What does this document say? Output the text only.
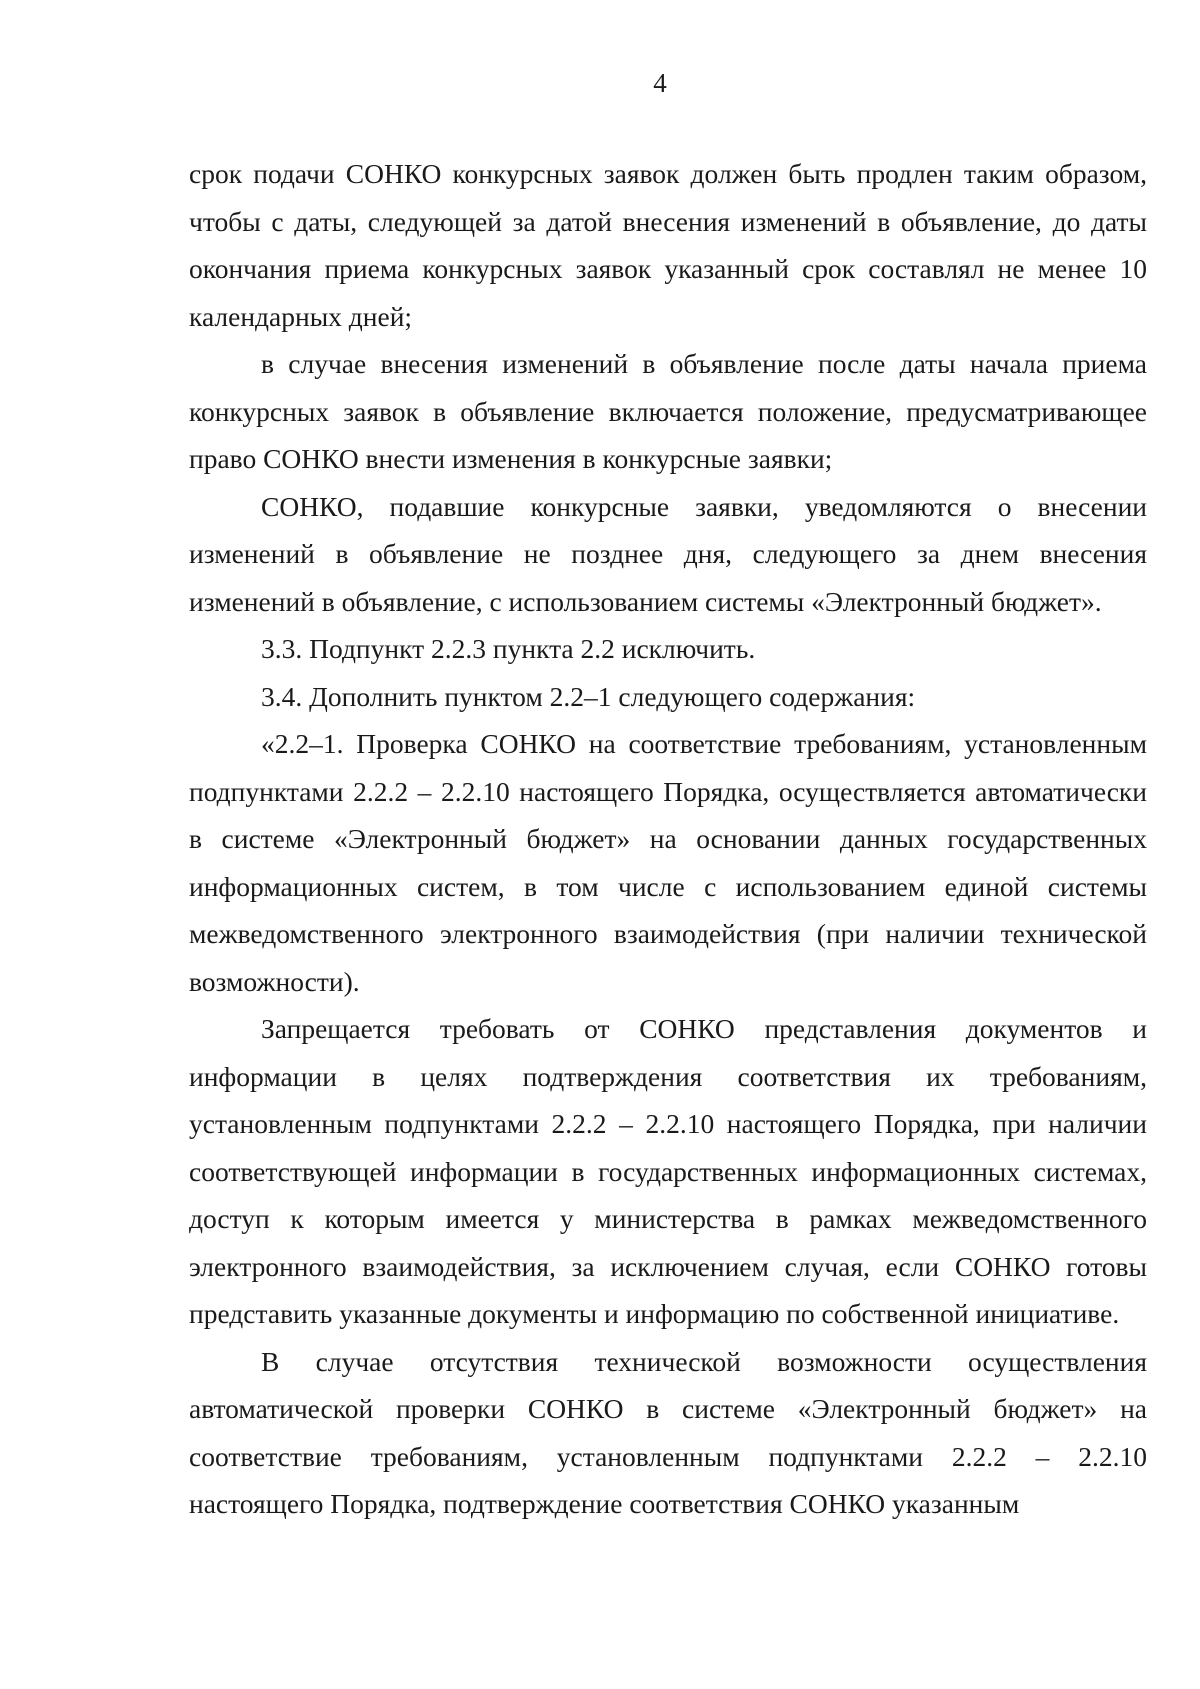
4

срок подачи СОНКО конкурсных заявок должен быть продлен таким образом, чтобы с даты, следующей за датой внесения изменений в объявление, до даты окончания приема конкурсных заявок указанный срок составлял не менее 10 календарных дней;

в случае внесения изменений в объявление после даты начала приема конкурсных заявок в объявление включается положение, предусматривающее право СОНКО внести изменения в конкурсные заявки;

СОНКО, подавшие конкурсные заявки, уведомляются о внесении изменений в объявление не позднее дня, следующего за днем внесения изменений в объявление, с использованием системы «Электронный бюджет».

3.3. Подпункт 2.2.3 пункта 2.2 исключить.

3.4. Дополнить пунктом 2.2–1 следующего содержания:

«2.2–1. Проверка СОНКО на соответствие требованиям, установленным подпунктами 2.2.2 – 2.2.10 настоящего Порядка, осуществляется автоматически в системе «Электронный бюджет» на основании данных государственных информационных систем, в том числе с использованием единой системы межведомственного электронного взаимодействия (при наличии технической возможности).

Запрещается требовать от СОНКО представления документов и информации в целях подтверждения соответствия их требованиям, установленным подпунктами 2.2.2 – 2.2.10 настоящего Порядка, при наличии соответствующей информации в государственных информационных системах, доступ к которым имеется у министерства в рамках межведомственного электронного взаимодействия, за исключением случая, если СОНКО готовы представить указанные документы и информацию по собственной инициативе.

В случае отсутствия технической возможности осуществления автоматической проверки СОНКО в системе «Электронный бюджет» на соответствие требованиям, установленным подпунктами 2.2.2 – 2.2.10 настоящего Порядка, подтверждение соответствия СОНКО указанным
